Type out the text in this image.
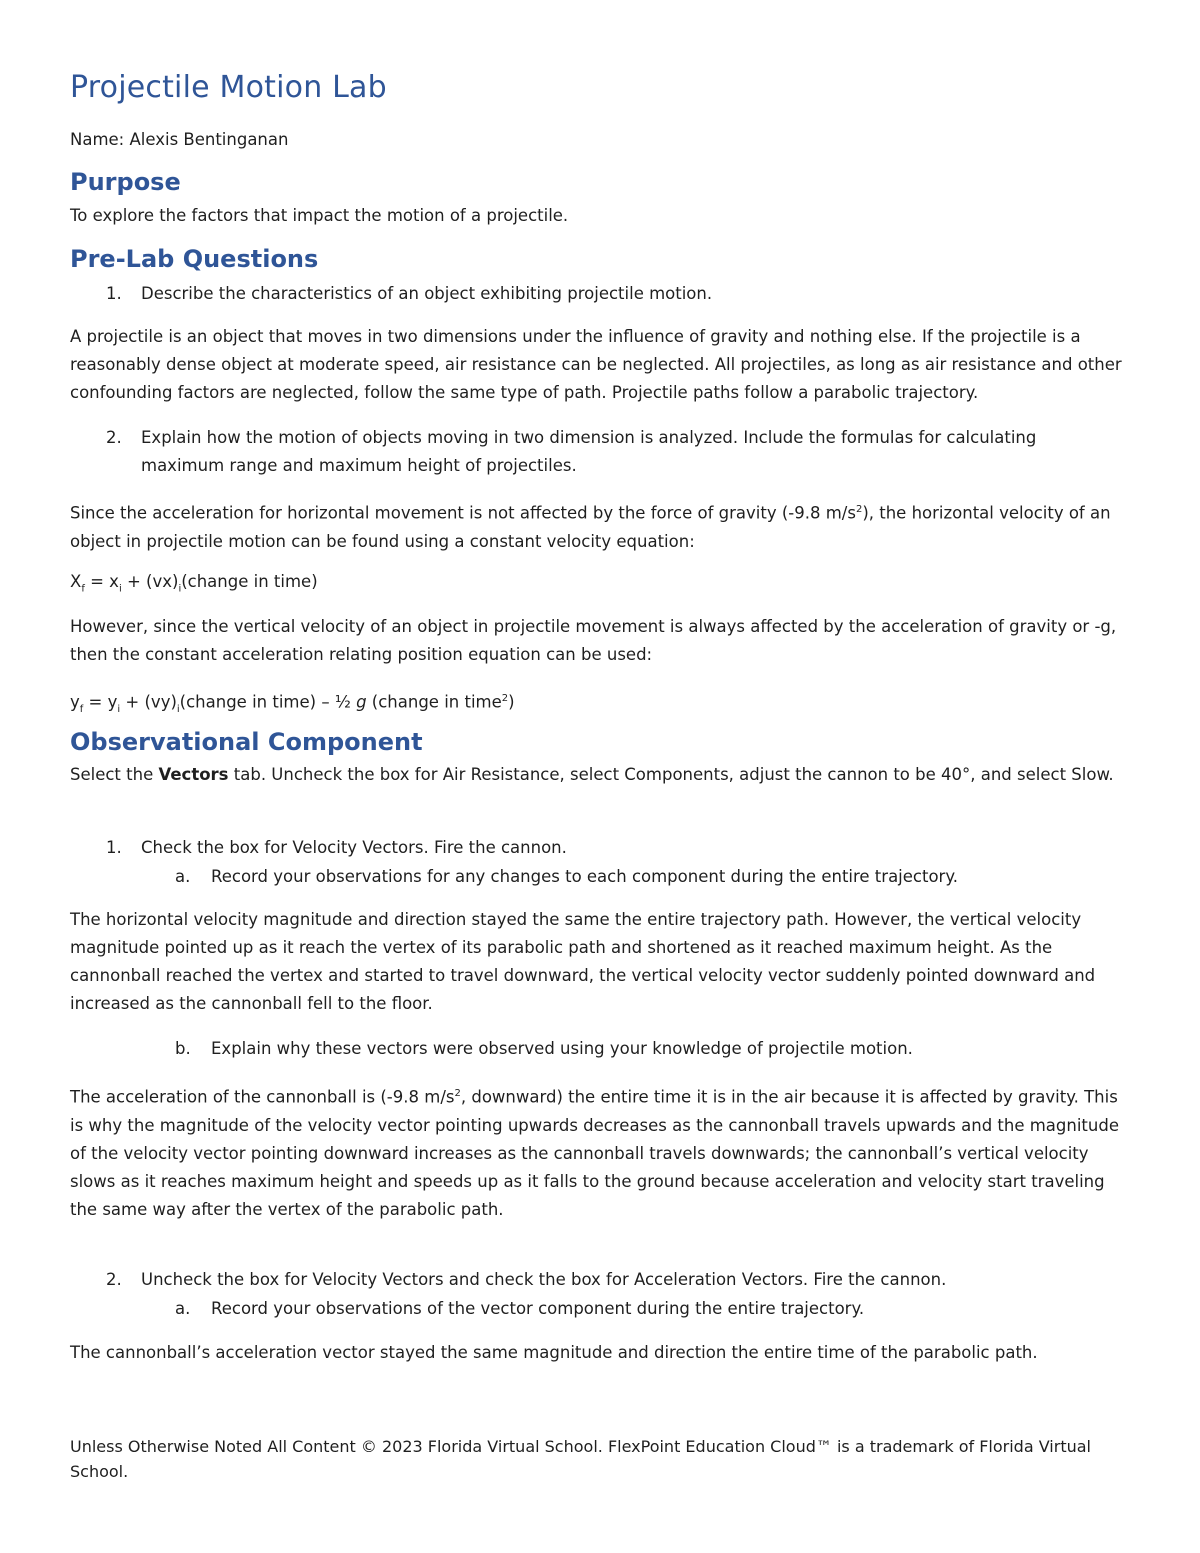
Projectile Motion Lab
Name: Alexis Bentinganan
Purpose
To explore the factors that impact the motion of a projectile.
Pre-Lab Questions
1. Describe the characteristics of an object exhibiting projectile motion.
A projectile is an object that moves in two dimensions under the influence of gravity and nothing else. If the projectile is a reasonably dense object at moderate speed, air resistance can be neglected. All projectiles, as long as air resistance and other confounding factors are neglected, follow the same type of path. Projectile paths follow a parabolic trajectory.
2. Explain how the motion of objects moving in two dimension is analyzed. Include the formulas for calculating maximum range and maximum height of projectiles.
Since the acceleration for horizontal movement is not affected by the force of gravity (-9.8 $m/s^2$), the horizontal velocity of an object in projectile motion can be found using a constant velocity equation:
$X_f = x_i$ + $(vx)_i(change$ in time)
However, since the vertical velocity of an object in projectile movement is always affected by the acceleration of gravity or -g, then the constant acceleration relating position equation can be used:
$y_f = y_i$ + $(vy)_i(change$ in time) – ½ g (change in time$^2$)
Observational Component
Select the Vectors tab. Uncheck the box for Air Resistance, select Components, adjust the cannon to be 40°, and select Slow.
1. Check the box for Velocity Vectors. Fire the cannon.
a. Record your observations for any changes to each component during the entire trajectory.
The horizontal velocity magnitude and direction stayed the same the entire trajectory path. However, the vertical velocity magnitude pointed up as it reach the vertex of its parabolic path and shortened as it reached maximum height. As the cannonball reached the vertex and started to travel downward, the vertical velocity vector suddenly pointed downward and increased as the cannonball fell to the floor.
b. Explain why these vectors were observed using your knowledge of projectile motion.
The acceleration of the cannonball is (-9.8 $m/s^2$, downward) the entire time it is in the air because it is affected by gravity. This is why the magnitude of the velocity vector pointing upwards decreases as the cannonball travels upwards and the magnitude of the velocity vector pointing downward increases as the cannonball travels downwards; the cannonball’s vertical velocity slows as it reaches maximum height and speeds up as it falls to the ground because acceleration and velocity start traveling the same way after the vertex of the parabolic path.
2. Uncheck the box for Velocity Vectors and check the box for Acceleration Vectors. Fire the cannon.
a. Record your observations of the vector component during the entire trajectory.
The cannonball’s acceleration vector stayed the same magnitude and direction the entire time of the parabolic path.
Unless Otherwise Noted All Content © 2023 Florida Virtual School. FlexPoint Education Cloud™ is a trademark of Florida Virtual School.
